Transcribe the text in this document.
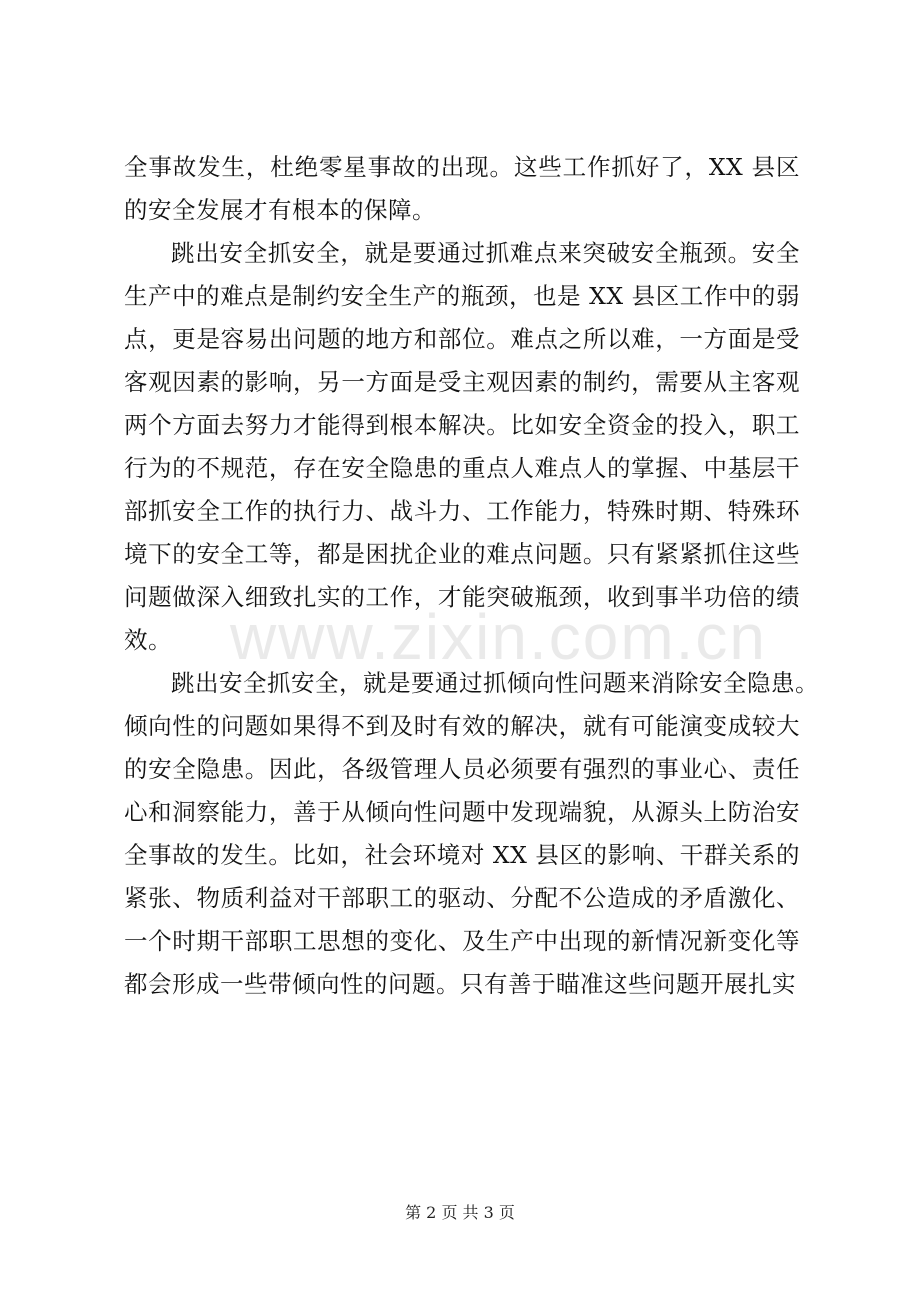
全事故发生，杜绝零星事故的出现。这些工作抓好了，XX 县区
的安全发展才有根本的保障。
跳出安全抓安全，就是要通过抓难点来突破安全瓶颈。安全
生产中的难点是制约安全生产的瓶颈，也是 XX 县区工作中的弱
点，更是容易出问题的地方和部位。难点之所以难，一方面是受
客观因素的影响，另一方面是受主观因素的制约，需要从主客观
两个方面去努力才能得到根本解决。比如安全资金的投入，职工
行为的不规范，存在安全隐患的重点人难点人的掌握、中基层干
部抓安全工作的执行力、战斗力、工作能力，特殊时期、特殊环
境下的安全工等，都是困扰企业的难点问题。只有紧紧抓住这些
问题做深入细致扎实的工作，才能突破瓶颈，收到事半功倍的绩
效。
跳出安全抓安全，就是要通过抓倾向性问题来消除安全隐患。
倾向性的问题如果得不到及时有效的解决，就有可能演变成较大
的安全隐患。因此，各级管理人员必须要有强烈的事业心、责任
心和洞察能力，善于从倾向性问题中发现端貌，从源头上防治安
全事故的发生。比如，社会环境对 XX 县区的影响、干群关系的
紧张、物质利益对干部职工的驱动、分配不公造成的矛盾激化、
一个时期干部职工思想的变化、及生产中出现的新情况新变化等
都会形成一些带倾向性的问题。只有善于瞄准这些问题开展扎实
www.zixin.com.cn
第 2 页 共 3 页
